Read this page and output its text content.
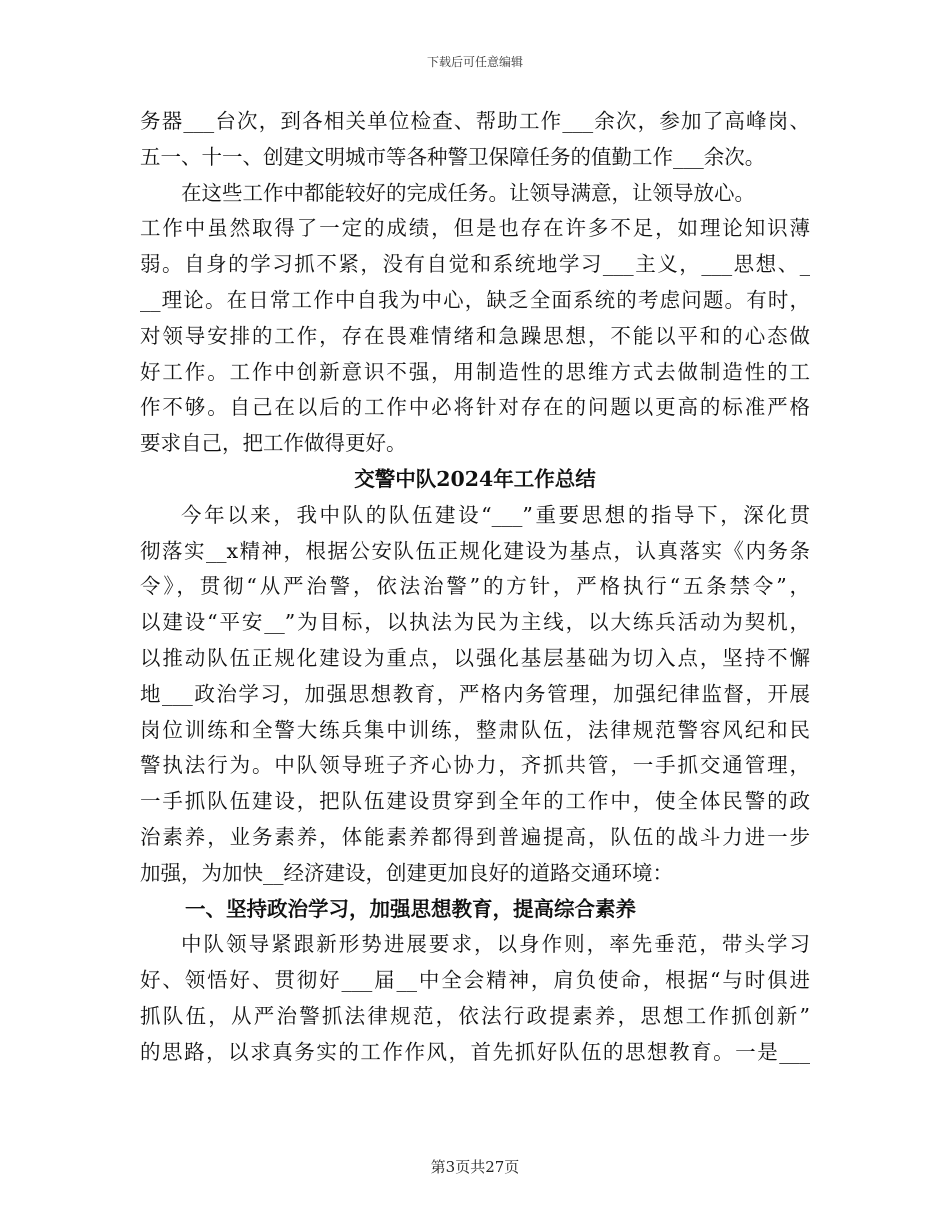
下载后可任意编辑

务器___台次，到各相关单位检查、帮助工作___余次，参加了高峰岗、

五一、十一、创建文明城市等各种警卫保障任务的值勤工作___余次。

在这些工作中都能较好的完成任务。让领导满意，让领导放心。

工作中虽然取得了一定的成绩，但是也存在许多不足，如理论知识薄

弱。自身的学习抓不紧，没有自觉和系统地学习___主义，___思想、_

__理论。在日常工作中自我为中心，缺乏全面系统的考虑问题。有时，

对领导安排的工作，存在畏难情绪和急躁思想，不能以平和的心态做

好工作。工作中创新意识不强，用制造性的思维方式去做制造性的工

作不够。自己在以后的工作中必将针对存在的问题以更高的标准严格

要求自己，把工作做得更好。

交警中队2024年工作总结

今年以来，我中队的队伍建设“___”重要思想的指导下，深化贯

彻落实__x精神，根据公安队伍正规化建设为基点，认真落实《内务条

令》，贯彻“从严治警，依法治警”的方针，严格执行“五条禁令”，

以建设“平安__”为目标，以执法为民为主线，以大练兵活动为契机，

以推动队伍正规化建设为重点，以强化基层基础为切入点，坚持不懈

地___政治学习，加强思想教育，严格内务管理，加强纪律监督，开展

岗位训练和全警大练兵集中训练，整肃队伍，法律规范警容风纪和民

警执法行为。中队领导班子齐心协力，齐抓共管，一手抓交通管理，

一手抓队伍建设，把队伍建设贯穿到全年的工作中，使全体民警的政

治素养，业务素养，体能素养都得到普遍提高，队伍的战斗力进一步

加强，为加快__经济建设，创建更加良好的道路交通环境：

一、坚持政治学习，加强思想教育，提高综合素养

中队领导紧跟新形势进展要求，以身作则，率先垂范，带头学习

好、领悟好、贯彻好___届__中全会精神，肩负使命，根据“与时俱进

抓队伍，从严治警抓法律规范，依法行政提素养，思想工作抓创新”

的思路，以求真务实的工作作风，首先抓好队伍的思想教育。一是___

第3页共27页
